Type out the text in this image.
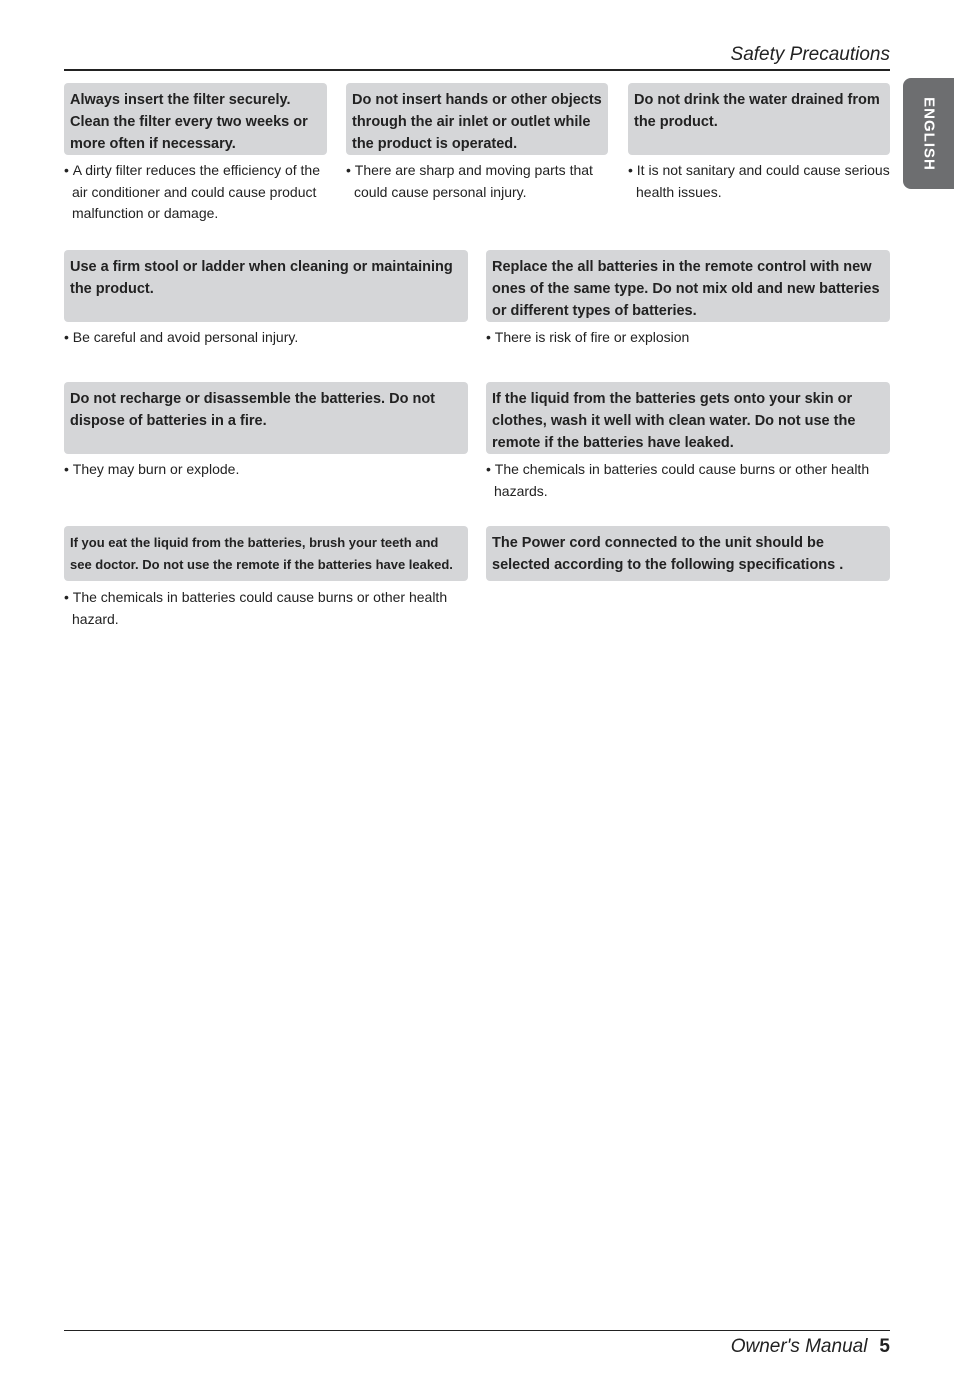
Safety Precautions
ENGLISH
Always insert the filter securely. Clean the filter every two weeks or more often if necessary.
• A dirty filter reduces the efficiency of the air conditioner and could cause product malfunction or damage.
Do not insert hands or other objects through the air inlet or outlet while the product is operated.
• There are sharp and moving parts that could cause personal injury.
Do not drink the water drained from the product.
• It is not sanitary and could cause serious health issues.
Use a firm stool or ladder when cleaning or maintaining the product.
• Be careful and avoid personal injury.
Replace the all batteries in the remote control with new ones of the same type. Do not mix old and new batteries or different types of batteries.
• There is risk of fire or explosion
Do not recharge or disassemble the batteries. Do not dispose of batteries in a fire.
• They may burn or explode.
If the liquid from the batteries gets onto your skin or clothes, wash it well with clean water. Do not use the remote if the batteries have leaked.
• The chemicals in batteries could cause burns or other health hazards.
If you eat the liquid from the batteries, brush your teeth and see doctor. Do not use the remote if the batteries have leaked.
• The chemicals in batteries could cause burns or other health hazard.
The Power cord connected to the unit should be selected according to the following specifications .
Owner's Manual 5
